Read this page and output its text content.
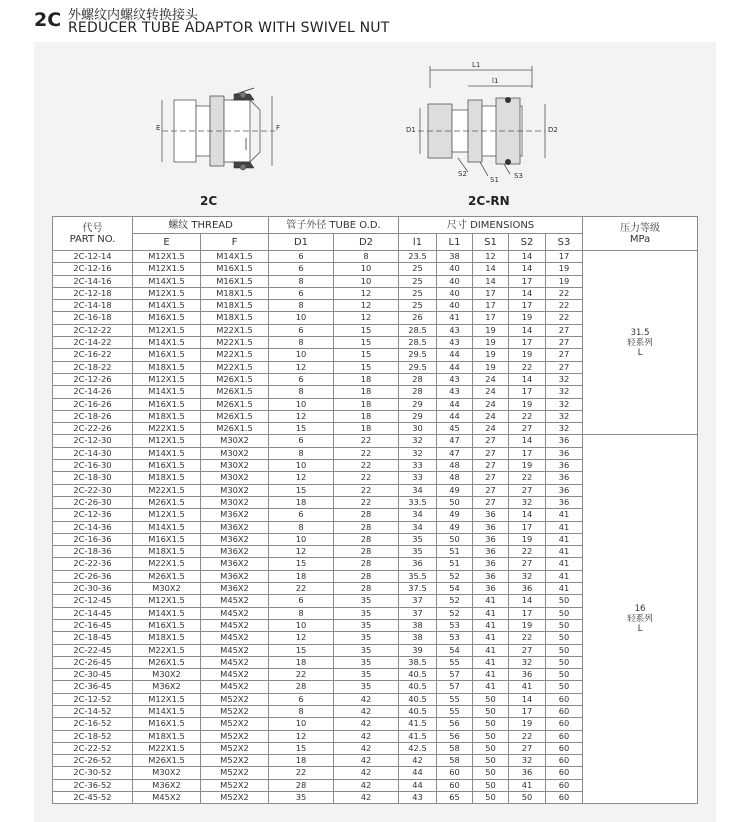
2C 外螺纹内螺纹转换接头
REDUCER TUBE ADAPTOR WITH SWIVEL NUT
E	F
2C
L1
l1
D1	D2
S1
S2	S3
2C-RN
代号
PART NO.	螺纹 THREAD		管子外径 TUBE O.D.		尺寸 DIMENSIONS					压力等级
MPa
	E	F	D1	D2	l1	L1	S1	S2	S3	
2C-12-14	M12X1.5	M14X1.5	6	8	23.5	38	12	14	17	31.5
轻系列
L
2C-12-16	M12X1.5	M16X1.5	6	10	25	40	14	14	19	
2C-14-16	M14X1.5	M16X1.5	8	10	25	40	14	17	19	
2C-12-18	M12X1.5	M18X1.5	6	12	25	40	17	14	22	
2C-14-18	M14X1.5	M18X1.5	8	12	25	40	17	17	22	
2C-16-18	M16X1.5	M18X1.5	10	12	26	41	17	19	22	
2C-12-22	M12X1.5	M22X1.5	6	15	28.5	43	19	14	27	
2C-14-22	M14X1.5	M22X1.5	8	15	28.5	43	19	17	27	
2C-16-22	M16X1.5	M22X1.5	10	15	29.5	44	19	19	27	
2C-18-22	M18X1.5	M22X1.5	12	15	29.5	44	19	22	27	
2C-12-26	M12X1.5	M26X1.5	6	18	28	43	24	14	32	
2C-14-26	M14X1.5	M26X1.5	8	18	28	43	24	17	32	
2C-16-26	M16X1.5	M26X1.5	10	18	29	44	24	19	32	
2C-18-26	M18X1.5	M26X1.5	12	18	29	44	24	22	32	
2C-22-26	M22X1.5	M26X1.5	15	18	30	45	24	27	32	
2C-12-30	M12X1.5	M30X2	6	22	32	47	27	14	36	16
轻系列
L
2C-14-30	M14X1.5	M30X2	8	22	32	47	27	17	36	
2C-16-30	M16X1.5	M30X2	10	22	33	48	27	19	36	
2C-18-30	M18X1.5	M30X2	12	22	33	48	27	22	36	
2C-22-30	M22X1.5	M30X2	15	22	34	49	27	27	36	
2C-26-30	M26X1.5	M30X2	18	22	33.5	50	27	32	36	
2C-12-36	M12X1.5	M36X2	6	28	34	49	36	14	41	
2C-14-36	M14X1.5	M36X2	8	28	34	49	36	17	41	
2C-16-36	M16X1.5	M36X2	10	28	35	50	36	19	41	
2C-18-36	M18X1.5	M36X2	12	28	35	51	36	22	41	
2C-22-36	M22X1.5	M36X2	15	28	36	51	36	27	41	
2C-26-36	M26X1.5	M36X2	18	28	35.5	52	36	32	41	
2C-30-36	M30X2	M36X2	22	28	37.5	54	36	36	41	
2C-12-45	M12X1.5	M45X2	6	35	37	52	41	14	50	
2C-14-45	M14X1.5	M45X2	8	35	37	52	41	17	50	
2C-16-45	M16X1.5	M45X2	10	35	38	53	41	19	50	
2C-18-45	M18X1.5	M45X2	12	35	38	53	41	22	50	
2C-22-45	M22X1.5	M45X2	15	35	39	54	41	27	50	
2C-26-45	M26X1.5	M45X2	18	35	38.5	55	41	32	50	
2C-30-45	M30X2	M45X2	22	35	40.5	57	41	36	50	
2C-36-45	M36X2	M45X2	28	35	40.5	57	41	41	50	
2C-12-52	M12X1.5	M52X2	6	42	40.5	55	50	14	60	
2C-14-52	M14X1.5	M52X2	8	42	40.5	55	50	17	60	
2C-16-52	M16X1.5	M52X2	10	42	41.5	56	50	19	60	
2C-18-52	M18X1.5	M52X2	12	42	41.5	56	50	22	60	
2C-22-52	M22X1.5	M52X2	15	42	42.5	58	50	27	60	
2C-26-52	M26X1.5	M52X2	18	42	42	58	50	32	60	
2C-30-52	M30X2	M52X2	22	42	44	60	50	36	60	
2C-36-52	M36X2	M52X2	28	42	44	60	50	41	60	
2C-45-52	M45X2	M52X2	35	42	43	65	50	50	60	
